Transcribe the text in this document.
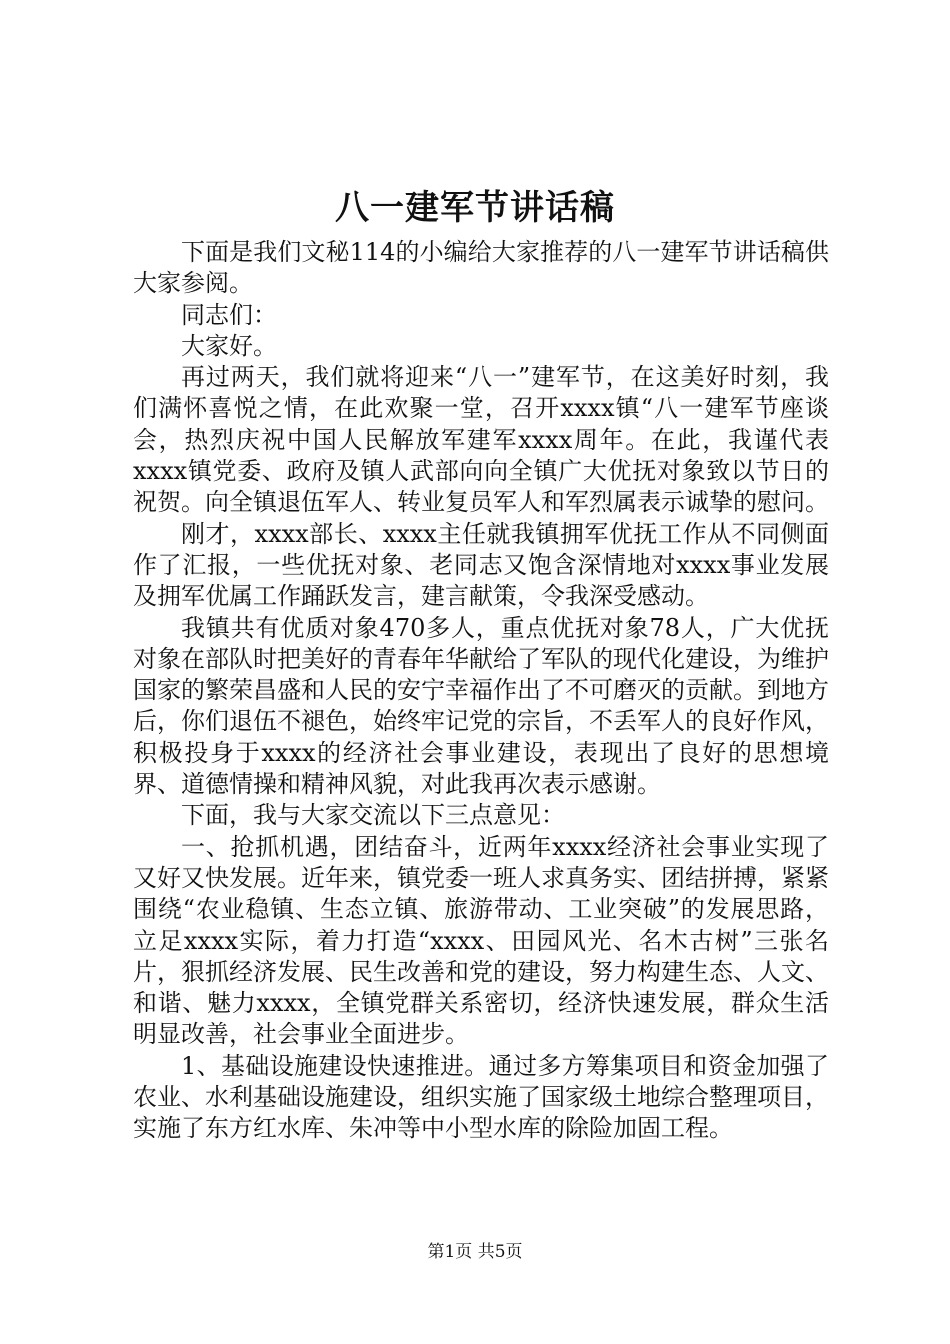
八一建军节讲话稿

下面是我们文秘114的小编给大家推荐的八一建军节讲话稿供大家参阅。

同志们：

大家好。

再过两天，我们就将迎来“八一”建军节，在这美好时刻，我们满怀喜悦之情，在此欢聚一堂，召开xxxx镇“八一建军节座谈会，热烈庆祝中国人民解放军建军xxxx周年。在此，我谨代表xxxx镇党委、政府及镇人武部向向全镇广大优抚对象致以节日的祝贺。向全镇退伍军人、转业复员军人和军烈属表示诚挚的慰问。

刚才，xxxx部长、xxxx主任就我镇拥军优抚工作从不同侧面作了汇报，一些优抚对象、老同志又饱含深情地对xxxx事业发展及拥军优属工作踊跃发言，建言献策，令我深受感动。

我镇共有优质对象470多人，重点优抚对象78人，广大优抚对象在部队时把美好的青春年华献给了军队的现代化建设，为维护国家的繁荣昌盛和人民的安宁幸福作出了不可磨灭的贡献。到地方后，你们退伍不褪色，始终牢记党的宗旨，不丢军人的良好作风，积极投身于xxxx的经济社会事业建设，表现出了良好的思想境界、道德情操和精神风貌，对此我再次表示感谢。

下面，我与大家交流以下三点意见：

一、抢抓机遇，团结奋斗，近两年xxxx经济社会事业实现了又好又快发展。近年来，镇党委一班人求真务实、团结拼搏，紧紧围绕“农业稳镇、生态立镇、旅游带动、工业突破”的发展思路，立足xxxx实际，着力打造“xxxx、田园风光、名木古树”三张名片，狠抓经济发展、民生改善和党的建设，努力构建生态、人文、和谐、魅力xxxx，全镇党群关系密切，经济快速发展，群众生活明显改善，社会事业全面进步。

1、基础设施建设快速推进。通过多方筹集项目和资金加强了农业、水利基础设施建设，组织实施了国家级土地综合整理项目，实施了东方红水库、朱冲等中小型水库的除险加固工程。

第1页 共5页
